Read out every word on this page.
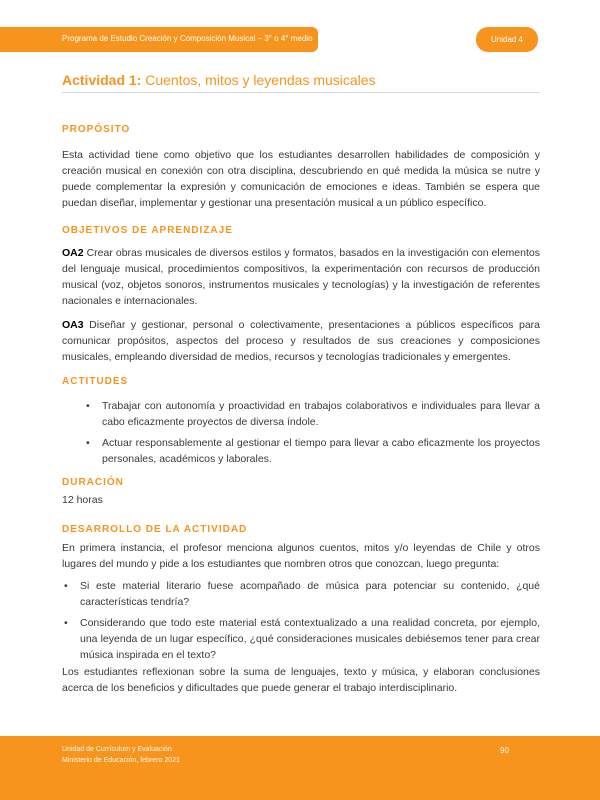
Programa de Estudio Creación y Composición Musical – 3° o 4° medio	Unidad 4
Actividad 1: Cuentos, mitos y leyendas musicales
PROPÓSITO
Esta actividad tiene como objetivo que los estudiantes desarrollen habilidades de composición y creación musical en conexión con otra disciplina, descubriendo en qué medida la música se nutre y puede complementar la expresión y comunicación de emociones e ideas. También se espera que puedan diseñar, implementar y gestionar una presentación musical a un público específico.
OBJETIVOS DE APRENDIZAJE
OA2 Crear obras musicales de diversos estilos y formatos, basados en la investigación con elementos del lenguaje musical, procedimientos compositivos, la experimentación con recursos de producción musical (voz, objetos sonoros, instrumentos musicales y tecnologías) y la investigación de referentes nacionales e internacionales.
OA3 Diseñar y gestionar, personal o colectivamente, presentaciones a públicos específicos para comunicar propósitos, aspectos del proceso y resultados de sus creaciones y composiciones musicales, empleando diversidad de medios, recursos y tecnologías tradicionales y emergentes.
ACTITUDES
• Trabajar con autonomía y proactividad en trabajos colaborativos e individuales para llevar a cabo eficazmente proyectos de diversa índole.
• Actuar responsablemente al gestionar el tiempo para llevar a cabo eficazmente los proyectos personales, académicos y laborales.
DURACIÓN
12 horas
DESARROLLO DE LA ACTIVIDAD
En primera instancia, el profesor menciona algunos cuentos, mitos y/o leyendas de Chile y otros lugares del mundo y pide a los estudiantes que nombren otros que conozcan, luego pregunta:
• Si este material literario fuese acompañado de música para potenciar su contenido, ¿qué características tendría?
• Considerando que todo este material está contextualizado a una realidad concreta, por ejemplo, una leyenda de un lugar específico, ¿qué consideraciones musicales debiésemos tener para crear música inspirada en el texto?
Los estudiantes reflexionan sobre la suma de lenguajes, texto y música, y elaboran conclusiones acerca de los beneficios y dificultades que puede generar el trabajo interdisciplinario.
Unidad de Currículum y Evaluación
Ministerio de Educación, febrero 2021
90
